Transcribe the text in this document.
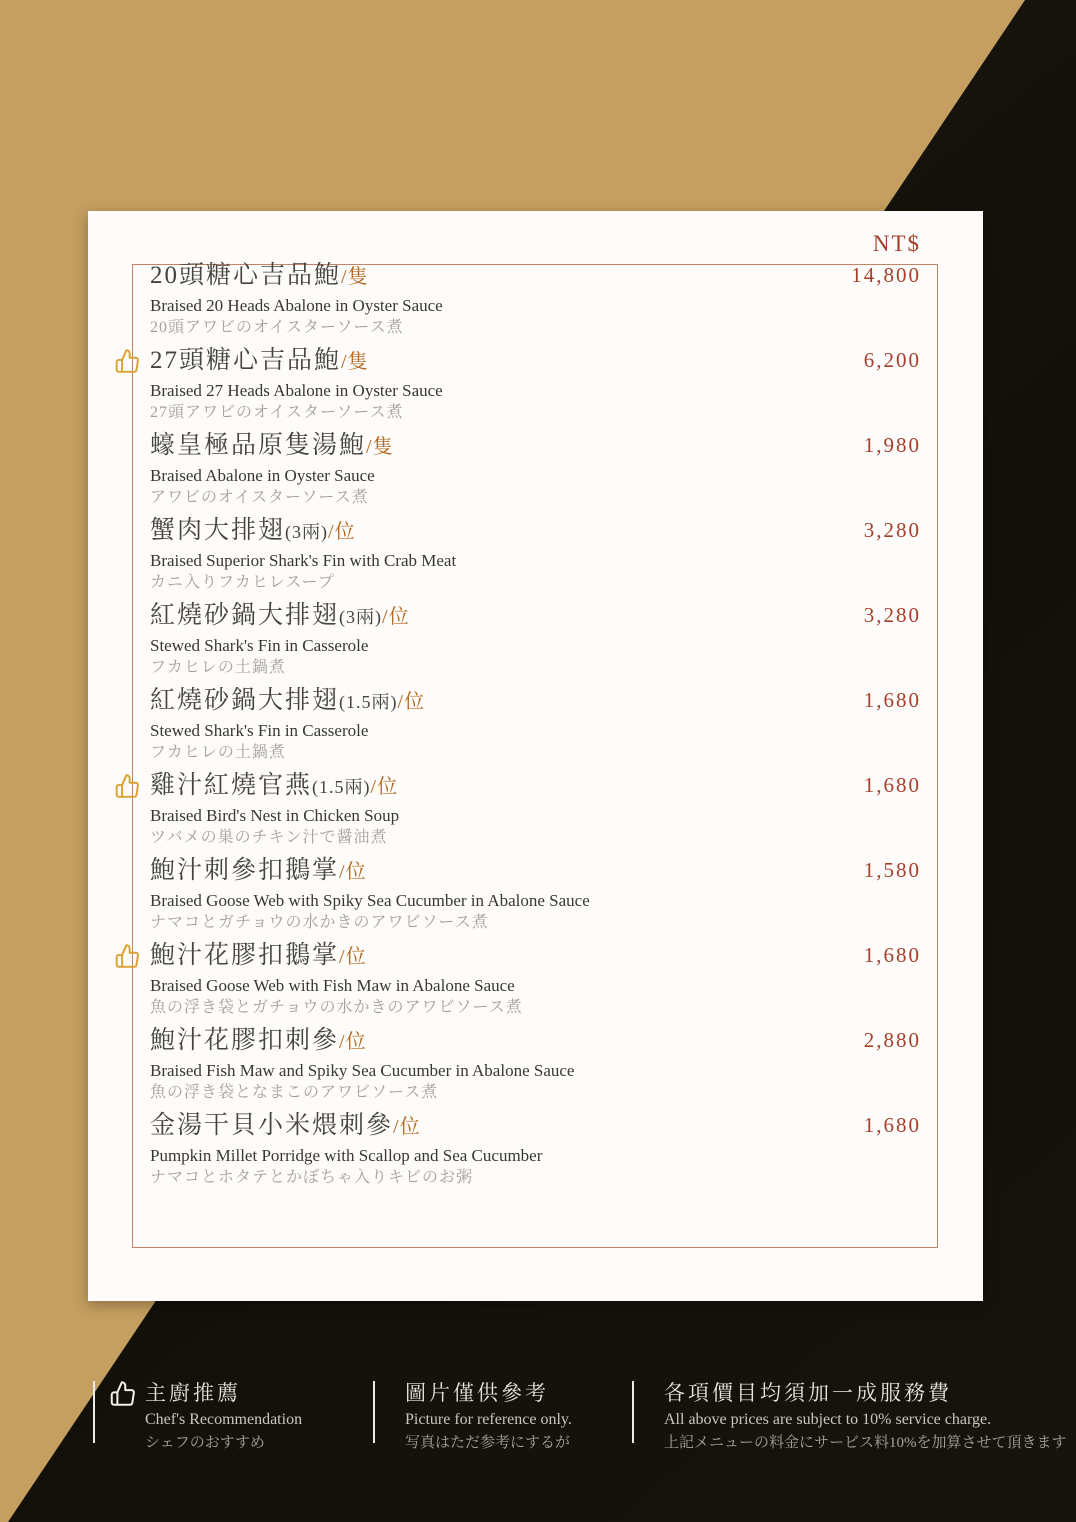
NT$
20頭糖心吉品鮑/隻
Braised 20 Heads Abalone in Oyster Sauce
20頭アワビのオイスターソース煮
14,800
27頭糖心吉品鮑/隻
Braised 27 Heads Abalone in Oyster Sauce
27頭アワビのオイスターソース煮
6,200
蠔皇極品原隻湯鮑/隻
Braised Abalone in Oyster Sauce
アワビのオイスターソース煮
1,980
蟹肉大排翅(3兩)/位
Braised Superior Shark's Fin with Crab Meat
カニ入りフカヒレスープ
3,280
紅燒砂鍋大排翅(3兩)/位
Stewed Shark's Fin in Casserole
フカヒレの土鍋煮
3,280
紅燒砂鍋大排翅(1.5兩)/位
Stewed Shark's Fin in Casserole
フカヒレの土鍋煮
1,680
雞汁紅燒官燕(1.5兩)/位
Braised Bird's Nest in Chicken Soup
ツバメの巣のチキン汁で醤油煮
1,680
鮑汁刺參扣鵝掌/位
Braised Goose Web with Spiky Sea Cucumber in Abalone Sauce
ナマコとガチョウの水かきのアワビソース煮
1,580
鮑汁花膠扣鵝掌/位
Braised Goose Web with Fish Maw in Abalone Sauce
魚の浮き袋とガチョウの水かきのアワビソース煮
1,680
鮑汁花膠扣刺參/位
Braised Fish Maw and Spiky Sea Cucumber in Abalone Sauce
魚の浮き袋となまこのアワビソース煮
2,880
金湯干貝小米煨刺參/位
Pumpkin Millet Porridge with Scallop and Sea Cucumber
ナマコとホタテとかぼちゃ入りキビのお粥
1,680
主廚推薦
Chef's Recommendation
シェフのおすすめ
圖片僅供參考
Picture for reference only.
写真はただ参考にするが
各項價目均須加一成服務費
All above prices are subject to 10% service charge.
上記メニューの料金にサービス料10%を加算させて頂きます
